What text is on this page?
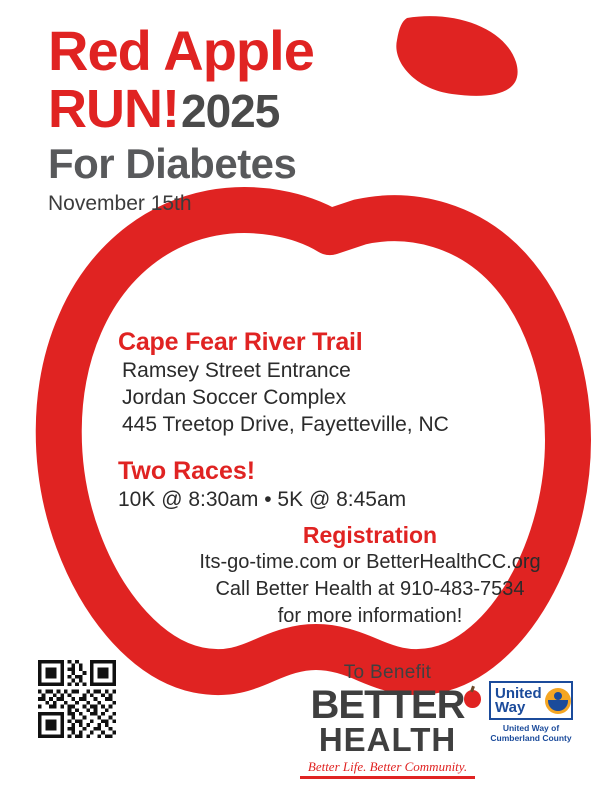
Red Apple
RUN! 2025
For Diabetes
November 15th
Cape Fear River Trail
Ramsey Street Entrance
Jordan Soccer Complex
445 Treetop Drive, Fayetteville, NC
Two Races!
10K @ 8:30am • 5K @ 8:45am
Registration
Its-go-time.com or BetterHealthCC.org
Call Better Health at 910-483-7534
for more information!
To Benefit
BETTER
HEALTH
Better Life. Better Community.
United
Way
United Way of Cumberland County
